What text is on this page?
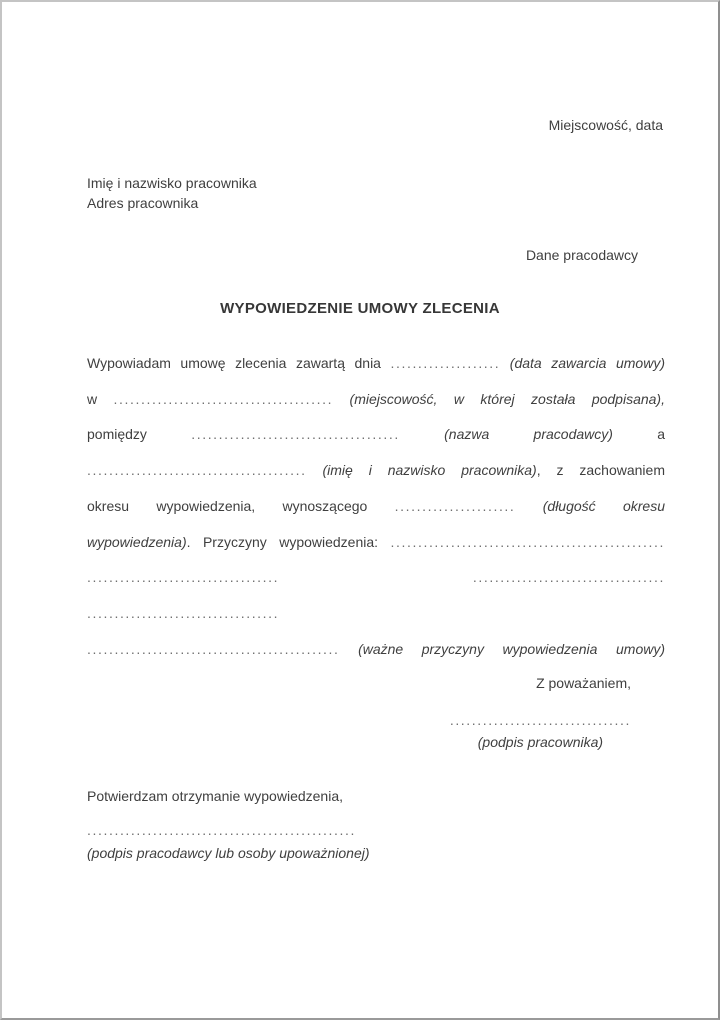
Miejscowość, data
Imię i nazwisko pracownika
Adres pracownika
Dane pracodawcy
WYPOWIEDZENIE UMOWY ZLECENIA
Wypowiadam umowę zlecenia zawartą dnia .................... (data zawarcia umowy)
w ........................................ (miejscowość, w której została podpisana),
pomiędzy ...................................... (nazwa pracodawcy) a
........................................ (imię i nazwisko pracownika), z zachowaniem
okresu wypowiedzenia, wynoszącego ...................... (długość okresu
wypowiedzenia). Przyczyny wypowiedzenia: ..................................................
................................... ................................... ...................................
.............................................. (ważne przyczyny wypowiedzenia umowy)
Z poważaniem,
.................................
(podpis pracownika)
Potwierdzam otrzymanie wypowiedzenia,
.................................................
(podpis pracodawcy lub osoby upoważnionej)
